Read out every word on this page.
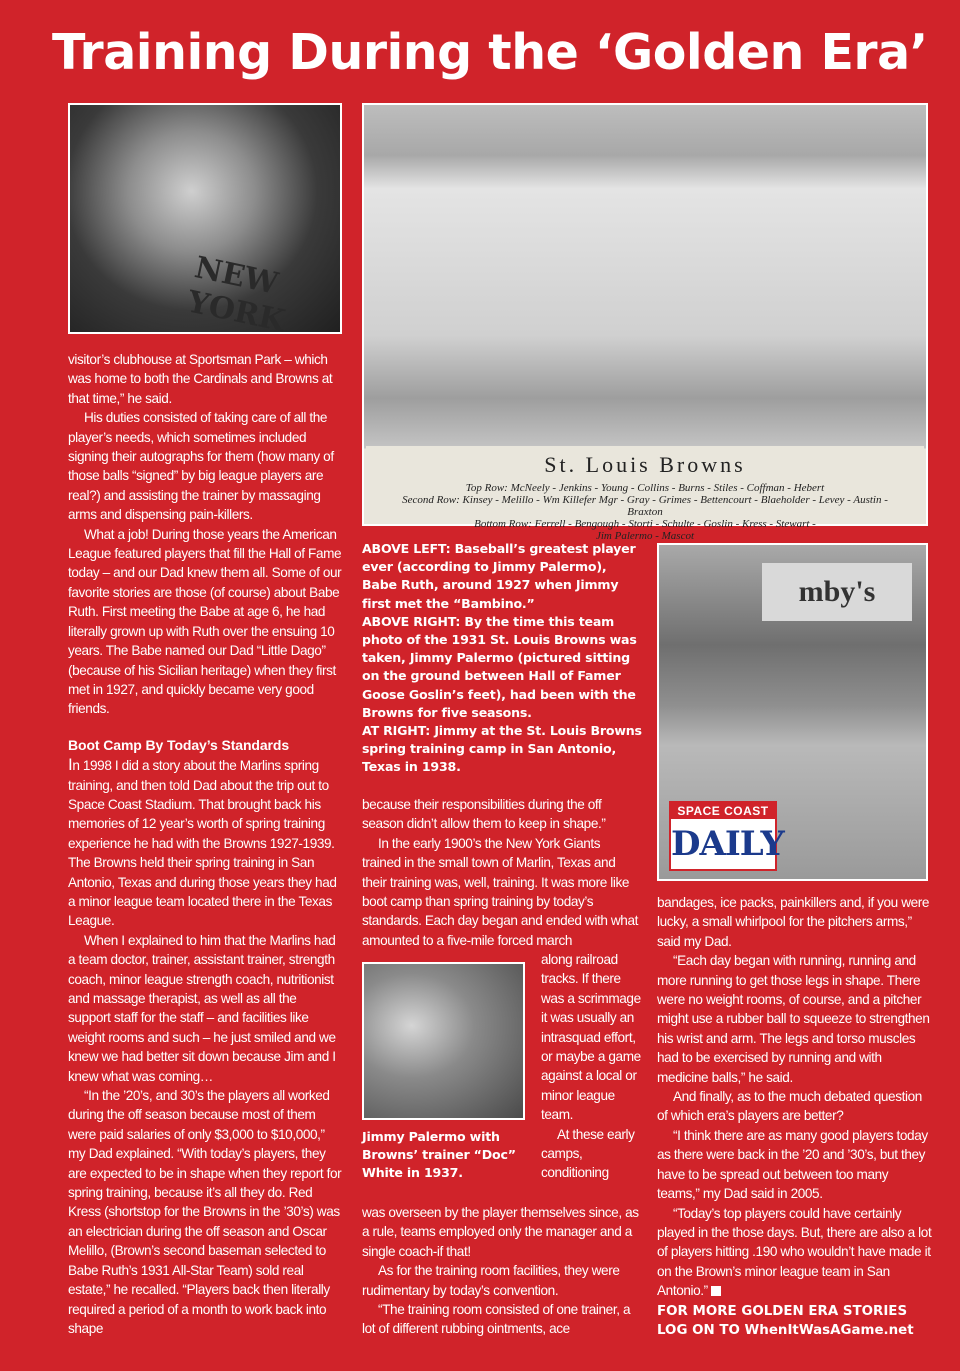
Training During the ‘Golden Era’
NEW YORK
St. Louis Browns
Top Row: McNeely - Jenkins - Young - Collins - Burns - Stiles - Coffman - Hebert
Second Row: Kinsey - Melillo - Wm Killefer Mgr - Gray - Grimes - Bettencourt - Blaeholder - Levey - Austin - Braxton
Bottom Row: Ferrell - Bengough - Storti - Schulte - Goslin - Kress - Stewart -
Jim Palermo - Mascot
mby's
SPACE COAST
DAILY

visitor’s clubhouse at Sportsman Park – which was home to both the Cardinals and Browns at that time,” he said.

His duties consisted of taking care of all the player’s needs, which sometimes included signing their autographs for them (how many of those balls “signed” by big league players are real?) and assisting the trainer by massaging arms and dispensing pain-killers.

What a job! During those years the American League featured players that fill the Hall of Fame today – and our Dad knew them all. Some of our favorite stories are those (of course) about Babe Ruth. First meeting the Babe at age 6, he had literally grown up with Ruth over the ensuing 10 years. The Babe named our Dad “Little Dago” (because of his Sicilian heritage) when they first met in 1927, and quickly became very good friends.

Boot Camp By Today’s Standards

In 1998 I did a story about the Marlins spring training, and then told Dad about the trip out to Space Coast Stadium. That brought back his memories of 12 year’s worth of spring training experience he had with the Browns 1927-1939. The Browns held their spring training in San Antonio, Texas and during those years they had a minor league team located there in the Texas League.

When I explained to him that the Marlins had a team doctor, trainer, assistant trainer, strength coach, minor league strength coach, nutritionist and massage therapist, as well as all the support staff for the staff – and facilities like weight rooms and such – he just smiled and we knew we had better sit down because Jim and I knew what was coming…

“In the ’20’s, and 30’s the players all worked during the off season because most of them were paid salaries of only $3,000 to $10,000,” my Dad explained. “With today’s players, they are expected to be in shape when they report for spring training, because it’s all they do. Red Kress (shortstop for the Browns in the ’30’s) was an electrician during the off season and Oscar Melillo, (Brown’s second baseman selected to Babe Ruth’s 1931 All-Star Team) sold real estate,” he recalled. “Players back then literally required a period of a month to work back into shape

ABOVE LEFT: Baseball’s greatest player ever (according to Jimmy Palermo), Babe Ruth, around 1927 when Jimmy first met the “Bambino.”
ABOVE RIGHT: By the time this team photo of the 1931 St. Louis Browns was taken, Jimmy Palermo (pictured sitting on the ground between Hall of Famer Goose Goslin’s feet), had been with the Browns for five seasons.
AT RIGHT: Jimmy at the St. Louis Browns spring training camp in San Antonio, Texas in 1938.

because their responsibilities during the off season didn’t allow them to keep in shape.”

In the early 1900’s the New York Giants trained in the small town of Marlin, Texas and their training was, well, training. It was more like boot camp than spring training by today’s standards. Each day began and ended with what amounted to a five-mile forced march

along railroad tracks. If there was a scrimmage it was usually an intrasquad effort, or maybe a game against a local or minor league team.

At these early camps, conditioning

Jimmy Palermo with Browns’ trainer “Doc” White in 1937.

was overseen by the player themselves since, as a rule, teams employed only the manager and a single coach-if that!

As for the training room facilities, they were rudimentary by today’s convention.

“The training room consisted of one trainer, a lot of different rubbing ointments, ace

bandages, ice packs, painkillers and, if you were lucky, a small whirlpool for the pitchers arms,” said my Dad.

“Each day began with running, running and more running to get those legs in shape. There were no weight rooms, of course, and a pitcher might use a rubber ball to squeeze to strengthen his wrist and arm. The legs and torso muscles had to be exercised by running and with medicine balls,” he said.

And finally, as to the much debated question of which era’s players are better?

“I think there are as many good players today as there were back in the ’20 and ’30’s, but they have to be spread out between too many teams,” my Dad said in 2005.

“Today’s top players could have certainly played in the those days. But, there are also a lot of players hitting .190 who wouldn’t have made it on the Brown’s minor league team in San Antonio.”

FOR MORE GOLDEN ERA STORIES
LOG ON TO WhenItWasAGame.net
